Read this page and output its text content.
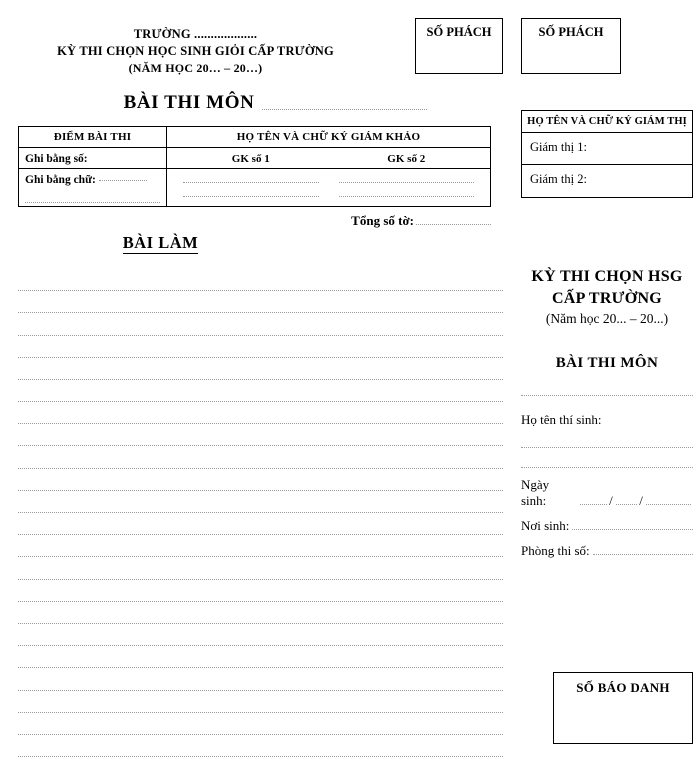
TRƯỜNG ...................
KỲ THI CHỌN HỌC SINH GIỎI CẤP TRƯỜNG
(NĂM HỌC 20… – 20…)
SỐ PHÁCH
BÀI THI MÔN
ĐIỂM BÀI THI	HỌ TÊN VÀ CHỮ KÝ GIÁM KHẢO

Ghi bằng số:	GK số 1 GK số 2

Ghi bằng chữ:	

Tổng số tờ:
BÀI LÀM
SỐ PHÁCH
HỌ TÊN VÀ CHỮ KÝ GIÁM THỊ
Giám thị 1:
Giám thị 2:
KỲ THI CHỌN HSG
CẤP TRƯỜNG
(Năm học 20... – 20...)
BÀI THI MÔN
Họ tên thí sinh:
Ngày sinh:	/ /
Nơi sinh:
Phòng thi số:
SỐ BÁO DANH
